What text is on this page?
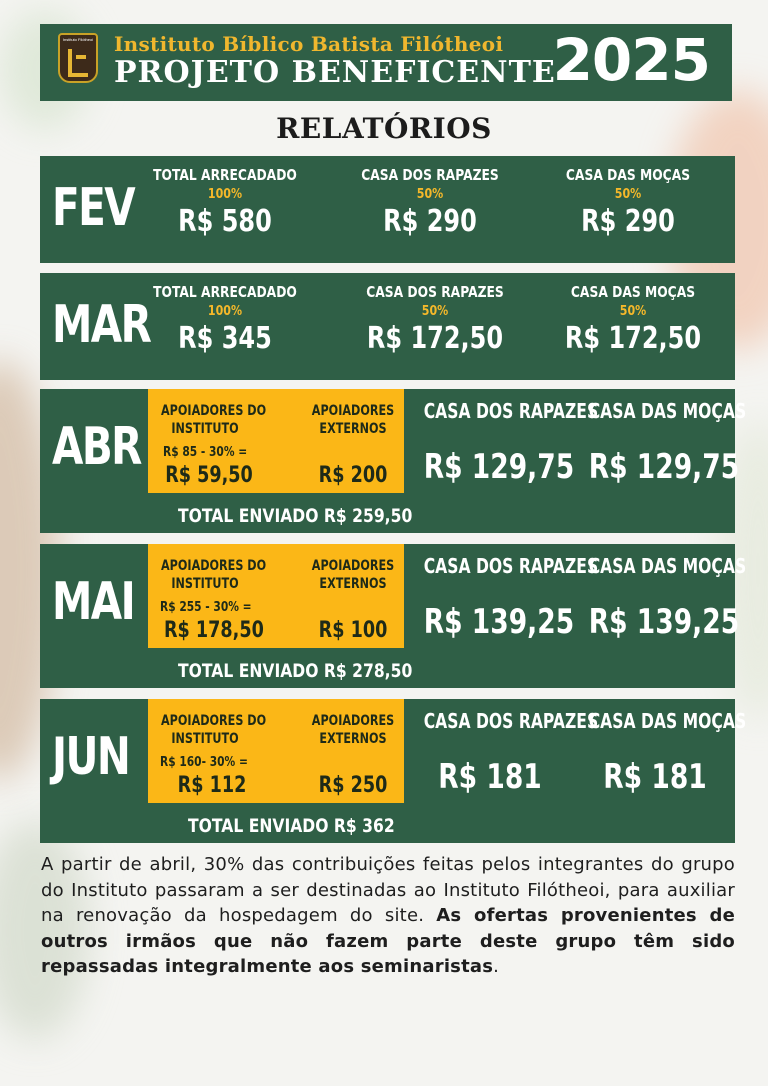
Instituto Filótheoi Instituto Bíblico Batista Filótheoi
PROJETO BENEFICENTE
2025
RELATÓRIOS
FEV
TOTAL ARRECADADO
100%
R$ 580
CASA DOS RAPAZES
50%
R$ 290
CASA DAS MOÇAS
50%
R$ 290
MAR
TOTAL ARRECADADO
100%
R$ 345
CASA DOS RAPAZES
50%
R$ 172,50
CASA DAS MOÇAS
50%
R$ 172,50
ABR
APOIADORES DO
INSTITUTO
R$ 85 - 30% =
R$ 59,50
APOIADORES
EXTERNOS
R$ 200
TOTAL ENVIADO R$ 259,50
CASA DOS RAPAZES
R$ 129,75
CASA DAS MOÇAS
R$ 129,75
MAI
APOIADORES DO
INSTITUTO
R$ 255 - 30% =
R$ 178,50
APOIADORES
EXTERNOS
R$ 100
TOTAL ENVIADO R$ 278,50
CASA DOS RAPAZES
R$ 139,25
CASA DAS MOÇAS
R$ 139,25
JUN
APOIADORES DO
INSTITUTO
R$ 160- 30% =
R$ 112
APOIADORES
EXTERNOS
R$ 250
TOTAL ENVIADO R$ 362
CASA DOS RAPAZES
R$ 181
CASA DAS MOÇAS
R$ 181
A partir de abril, 30% das contribuições feitas pelos integrantes do grupo do Instituto passaram a ser destinadas ao Instituto Filótheoi, para auxiliar na renovação da hospedagem do site. As ofertas provenientes de outros irmãos que não fazem parte deste grupo têm sido repassadas integralmente aos seminaristas.
